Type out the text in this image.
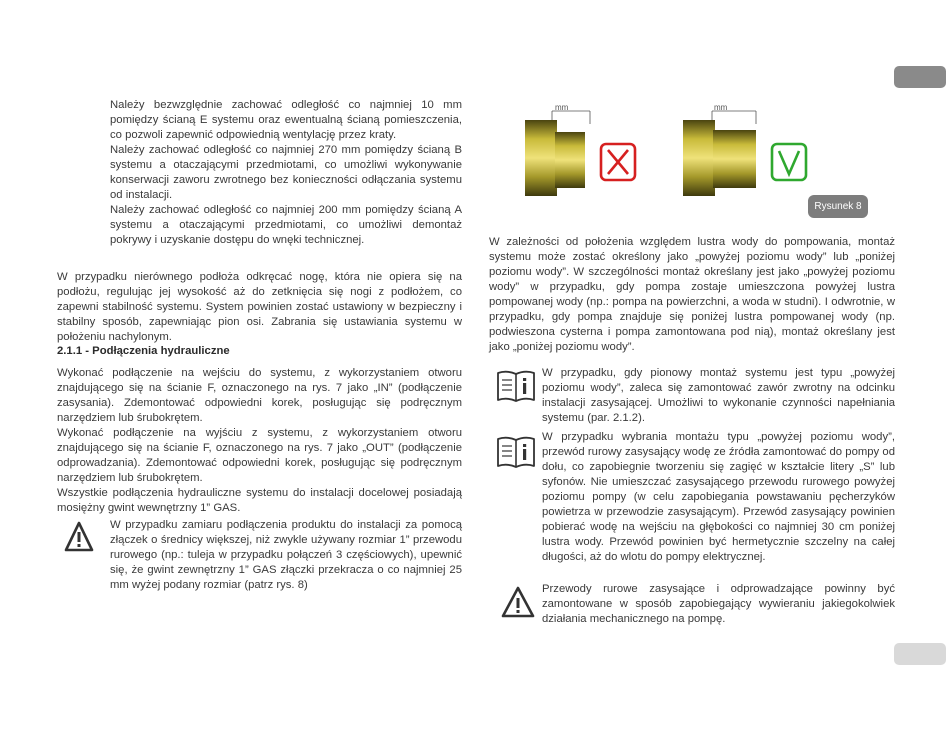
Należy bezwzględnie zachować odległość co najmniej 10 mm pomiędzy ścianą E systemu oraz ewentualną ścianą pomieszczenia, co pozwoli zapewnić odpowiednią wentylację przez kraty.

Należy zachować odległość co najmniej 270 mm pomiędzy ścianą B systemu a otaczającymi przedmiotami, co umożliwi wykonywanie konserwacji zaworu zwrotnego bez konieczności odłączania systemu od instalacji.

Należy zachować odległość co najmniej 200 mm pomiędzy ścianą A systemu a otaczającymi przedmiotami, co umożliwi demontaż pokrywy i uzyskanie dostępu do wnęki technicznej.

W przypadku nierównego podłoża odkręcać nogę, która nie opiera się na podłożu, regulując jej wysokość aż do zetknięcia się nogi z podłożem, co zapewni stabilność systemu. System powinien zostać ustawiony w bezpieczny i stabilny sposób, zapewniając pion osi. Zabrania się ustawiania systemu w położeniu nachylonym.
2.1.1 - Podłączenia hydrauliczne

Wykonać podłączenie na wejściu do systemu, z wykorzystaniem otworu znajdującego się na ścianie F, oznaczonego na rys. 7 jako „IN” (podłączenie zasysania). Zdemontować odpowiedni korek, posługując się podręcznym narzędziem lub śrubokrętem.

Wykonać podłączenie na wyjściu z systemu, z wykorzystaniem otworu znajdującego się na ścianie F, oznaczonego na rys. 7 jako „OUT” (podłączenie odprowadzania). Zdemontować odpowiedni korek, posługując się podręcznym narzędziem lub śrubokrętem.

Wszystkie podłączenia hydrauliczne systemu do instalacji docelowej posiadają mosiężny gwint wewnętrzny 1” GAS.

W przypadku zamiaru podłączenia produktu do instalacji za pomocą złączek o średnicy większej, niż zwykle używany rozmiar 1” przewodu rurowego (np.: tuleja w przypadku połączeń 3 częściowych), upewnić się, że gwint zewnętrzny 1” GAS złączki przekracza o co najmniej 25 mm wyżej podany rozmiar (patrz rys. 8)
mm	mm
Rysunek 8
W zależności od położenia względem lustra wody do pompowania, montaż systemu może zostać określony jako „powyżej poziomu wody” lub „poniżej poziomu wody”. W szczególności montaż określany jest jako „powyżej poziomu wody” w przypadku, gdy pompa zostaje umieszczona powyżej lustra pompowanej wody (np.: pompa na powierzchni, a woda w studni). I odwrotnie, w przypadku, gdy pompa znajduje się poniżej lustra pompowanej wody (np. podwieszona cysterna i pompa zamontowana pod nią), montaż określany jest jako „poniżej poziomu wody”.
W przypadku, gdy pionowy montaż systemu jest typu „powyżej poziomu wody”, zaleca się zamontować zawór zwrotny na odcinku instalacji zasysającej. Umożliwi to wykonanie czynności napełniania systemu (par. 2.1.2).
W przypadku wybrania montażu typu „powyżej poziomu wody”, przewód rurowy zasysający wodę ze źródła zamontować do pompy od dołu, co zapobiegnie tworzeniu się zagięć w kształcie litery „S” lub syfonów. Nie umieszczać zasysającego przewodu rurowego powyżej poziomu pompy (w celu zapobiegania powstawaniu pęcherzyków powietrza w przewodzie zasysającym). Przewód zasysający powinien pobierać wodę na wejściu na głębokości co najmniej 30 cm poniżej lustra wody. Przewód powinien być hermetycznie szczelny na całej długości, aż do wlotu do pompy elektrycznej.
Przewody rurowe zasysające i odprowadzające powinny być zamontowane w sposób zapobiegający wywieraniu jakiegokolwiek działania mechanicznego na pompę.
